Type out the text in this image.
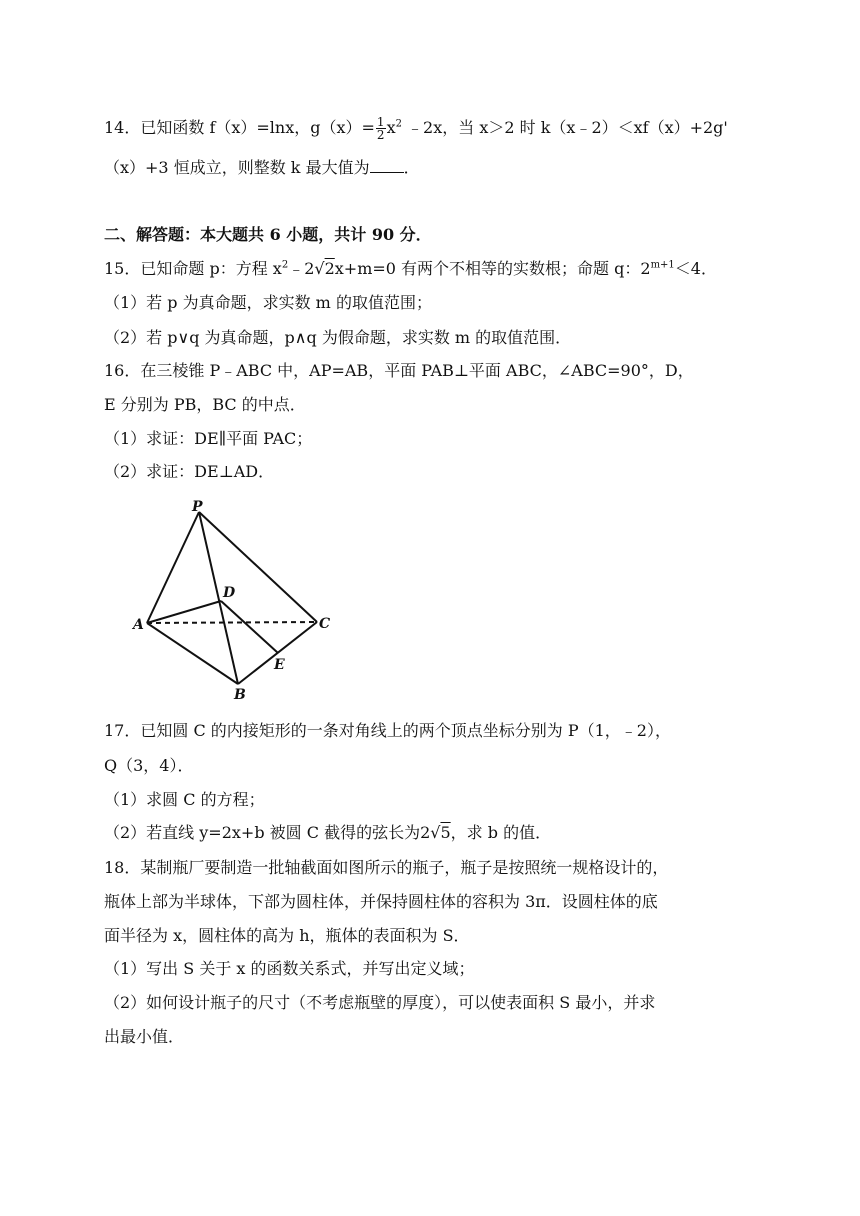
14．已知函数 f（x）=lnx，$g(x)= \frac{1}{2} x^2$ ﹣2x，当 x＞2 时 k（x﹣2）＜xf（x）+2g'
（x）+3 恒成立，则整数 k 最大值为 ．
二、解答题：本大题共 6 小题，共计 90 分．
15．已知命题 p：方程 $x^2﹣2√2x+m=0$ 有两个不相等的实数根；命题 q：$2^{m+1}<4$．
（1）若 p 为真命题，求实数 m 的取值范围；
（2）若 p∨q 为真命题，p∧q 为假命题，求实数 m 的取值范围．
16．在三棱锥 P﹣ABC 中，AP=AB，平面 PAB⊥平面 ABC，∠ABC=90°，D，
E 分别为 PB，BC 的中点．
（1）求证：DE∥平面 PAC；
（2）求证：DE⊥AD．
P
A
B
C
D
E
17．已知圆 C 的内接矩形的一条对角线上的两个顶点坐标分别为 P（1，﹣2），
Q（3，4）．
（1）求圆 C 的方程；
（2）若直线 y=2x+b 被圆 C 截得的弦长为2√5，求 b 的值．
18．某制瓶厂要制造一批轴截面如图所示的瓶子，瓶子是按照统一规格设计的，
瓶体上部为半球体，下部为圆柱体，并保持圆柱体的容积为 3π．设圆柱体的底
面半径为 x，圆柱体的高为 h，瓶体的表面积为 S．
（1）写出 S 关于 x 的函数关系式，并写出定义域；
（2）如何设计瓶子的尺寸（不考虑瓶壁的厚度），可以使表面积 S 最小，并求
出最小值．
